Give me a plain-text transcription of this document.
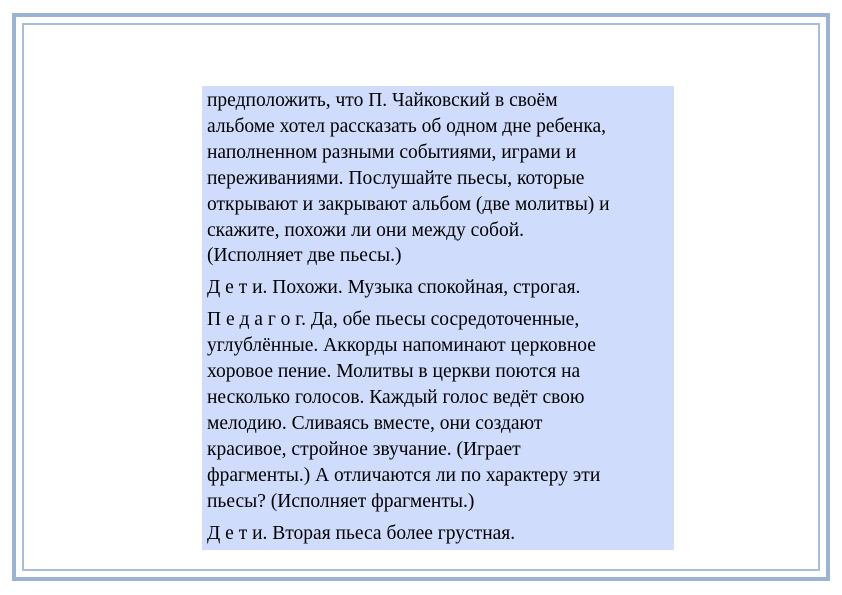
предположить, что П. Чайковский в своём
альбоме хотел рассказать об одном дне ребенка,
наполненном разными событиями, играми и
переживаниями. Послушайте пьесы, которые
открывают и закрывают альбом (две молитвы) и
скажите, похожи ли они между собой.
(Исполняет две пьесы.)

Д е т и. Похожи. Музыка спокойная, строгая.

П е д а г о г. Да, обе пьесы сосредоточенные,
углублённые. Аккорды напоминают церковное
хоровое пение. Молитвы в церкви поются на
несколько голосов. Каждый голос ведёт свою
мелодию. Сливаясь вместе, они создают
красивое, стройное звучание. (Играет
фрагменты.) А отличаются ли по характеру эти
пьесы? (Исполняет фрагменты.)

Д е т и. Вторая пьеса более грустная.
